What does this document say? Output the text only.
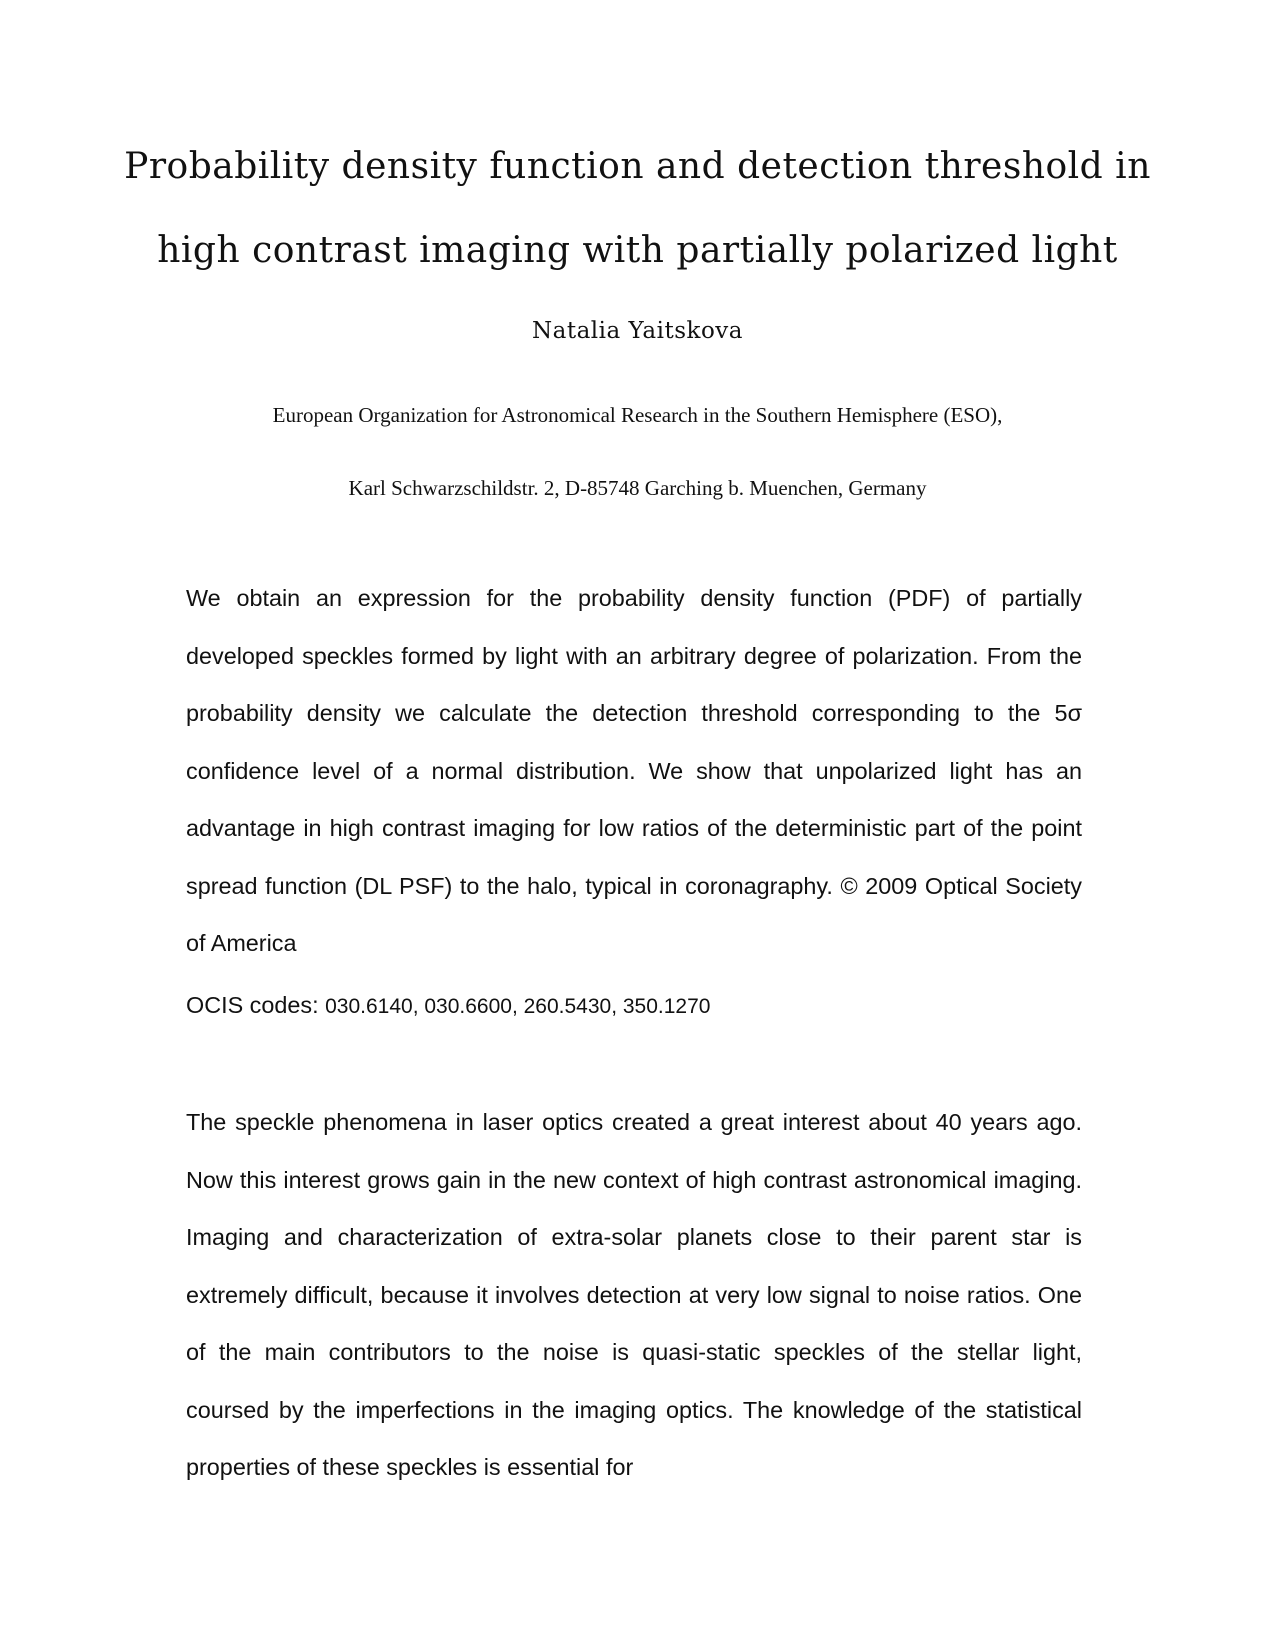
Probability density function and detection threshold in
high contrast imaging with partially polarized light
Natalia Yaitskova
European Organization for Astronomical Research in the Southern Hemisphere (ESO),
Karl Schwarzschildstr. 2, D-85748 Garching b. Muenchen, Germany
We obtain an expression for the probability density function (PDF) of partially developed speckles formed by light with an arbitrary degree of polarization. From the probability density we calculate the detection threshold corresponding to the 5σ confidence level of a normal distribution. We show that unpolarized light has an advantage in high contrast imaging for low ratios of the deterministic part of the point spread function (DL PSF) to the halo, typical in coronagraphy. © 2009 Optical Society of America
OCIS codes: 030.6140, 030.6600, 260.5430, 350.1270
The speckle phenomena in laser optics created a great interest about 40 years ago. Now this interest grows gain in the new context of high contrast astronomical imaging. Imaging and characterization of extra-solar planets close to their parent star is extremely difficult, because it involves detection at very low signal to noise ratios. One of the main contributors to the noise is quasi-static speckles of the stellar light, coursed by the imperfections in the imaging optics. The knowledge of the statistical properties of these speckles is essential for
